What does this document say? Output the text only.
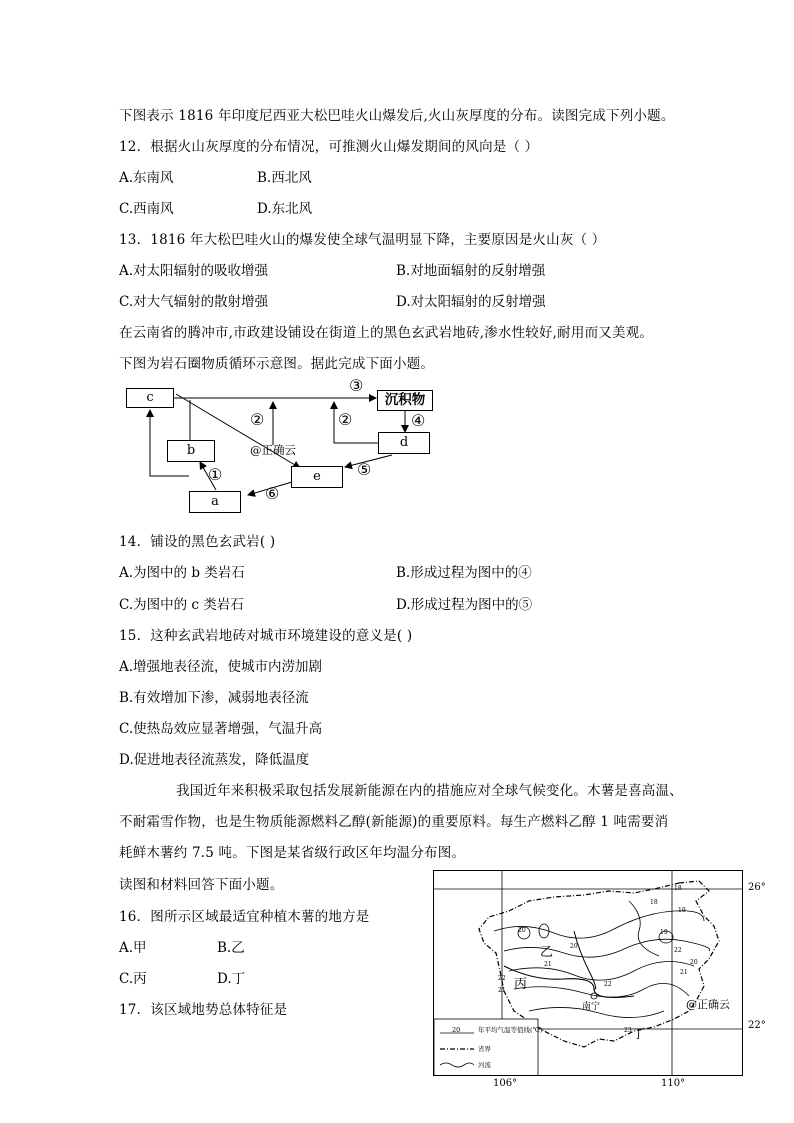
下图表示 1816 年印度尼西亚大松巴哇火山爆发后,火山灰厚度的分布。读图完成下列小题。
12．根据火山灰厚度的分布情况，可推测火山爆发期间的风向是（ ）
A.东南风	B.西北风
C.西南风	D.东北风
13．1816 年大松巴哇火山的爆发使全球气温明显下降，主要原因是火山灰（ ）
A.对太阳辐射的吸收增强	B.对地面辐射的反射增强
C.对大气辐射的散射增强	D.对太阳辐射的反射增强
在云南省的腾冲市,市政建设铺设在街道上的黑色玄武岩地砖,渗水性较好,耐用而又美观。
下图为岩石圈物质循环示意图。据此完成下面小题。
c
b
a
e
d
沉积物
③
②	②	④
⑤
⑥
①
@正确云
14．铺设的黑色玄武岩( )
A.为图中的 b 类岩石	B.形成过程为图中的④
C.为图中的 c 类岩石	D.形成过程为图中的⑤
15．这种玄武岩地砖对城市环境建设的意义是( )
A.增强地表径流，使城市内涝加剧
B.有效增加下渗，减弱地表径流
C.使热岛效应显著增强，气温升高
D.促进地表径流蒸发，降低温度
我国近年来积极采取包括发展新能源在内的措施应对全球气候变化。木薯是喜高温、
不耐霜雪作物，也是生物质能源燃料乙醇(新能源)的重要原料。每生产燃料乙醇 1 吨需要消
耗鲜木薯约 7.5 吨。下图是某省级行政区年均温分布图。
读图和材料回答下面小题。
16．图所示区域最适宜种植木薯的地方是
A.甲	B.乙
C.丙	D.丁
17．该区域地势总体特征是
乙
丙
丁
南宁	@正确云
年平均气温等值线(℃)
20
省界
河流
18
19
20
21
22
19
20
21
22
23
18
20
21
22
26°
22°
106°	110°
